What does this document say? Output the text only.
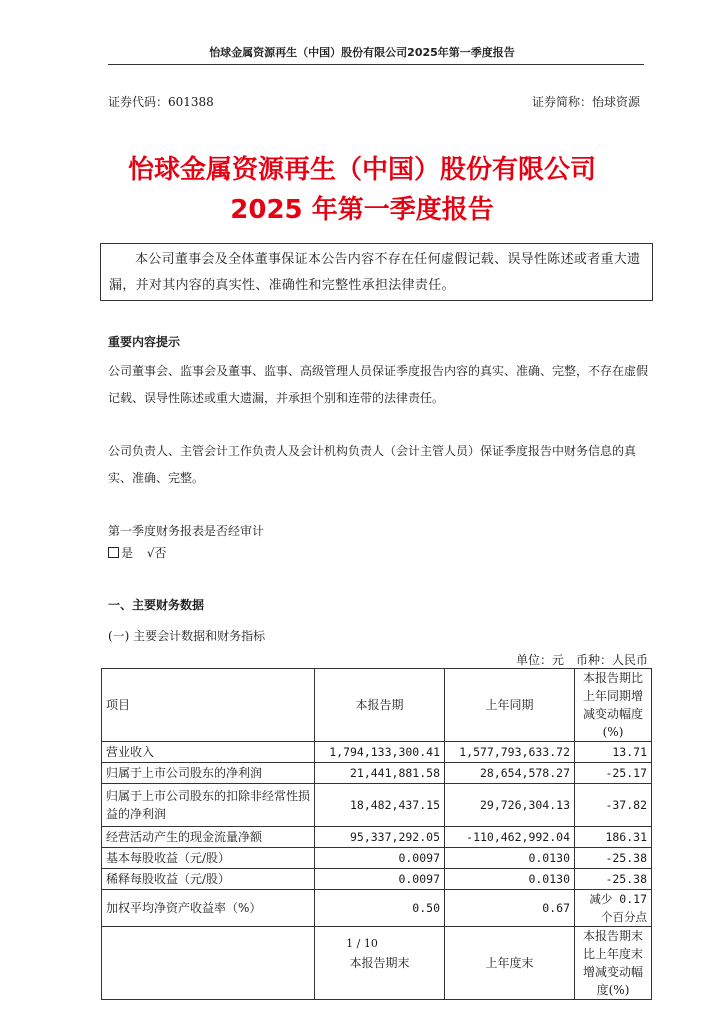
怡球金属资源再生（中国）股份有限公司2025年第一季度报告
证券代码：601388	证券简称：怡球资源
怡球金属资源再生（中国）股份有限公司
2025 年第一季度报告
本公司董事会及全体董事保证本公告内容不存在任何虚假记载、误导性陈述或者重大遗漏，并对其内容的真实性、准确性和完整性承担法律责任。
重要内容提示
公司董事会、监事会及董事、监事、高级管理人员保证季度报告内容的真实、准确、完整，不存在虚假记载、误导性陈述或重大遗漏，并承担个别和连带的法律责任。
公司负责人、主管会计工作负责人及会计机构负责人（会计主管人员）保证季度报告中财务信息的真实、准确、完整。
第一季度财务报表是否经审计
是 √否
一、主要财务数据
(一) 主要会计数据和财务指标
单位：元　币种：人民币
项目	本报告期	上年同期	本报告期比上年同期增减变动幅度(%)
营业收入	1,794,133,300.41	1,577,793,633.72	13.71
归属于上市公司股东的净利润	21,441,881.58	28,654,578.27	-25.17
归属于上市公司股东的扣除非经常性损益的净利润	18,482,437.15	29,726,304.13	-37.82
经营活动产生的现金流量净额	95,337,292.05	-110,462,992.04	186.31
基本每股收益（元/股）	0.0097	0.0130	-25.38
稀释每股收益（元/股）	0.0097	0.0130	-25.38
加权平均净资产收益率（%）	0.50	0.67	减少 0.17 个百分点
	本报告期末	上年度末	本报告期末比上年度末增减变动幅度(%)
1 / 10
